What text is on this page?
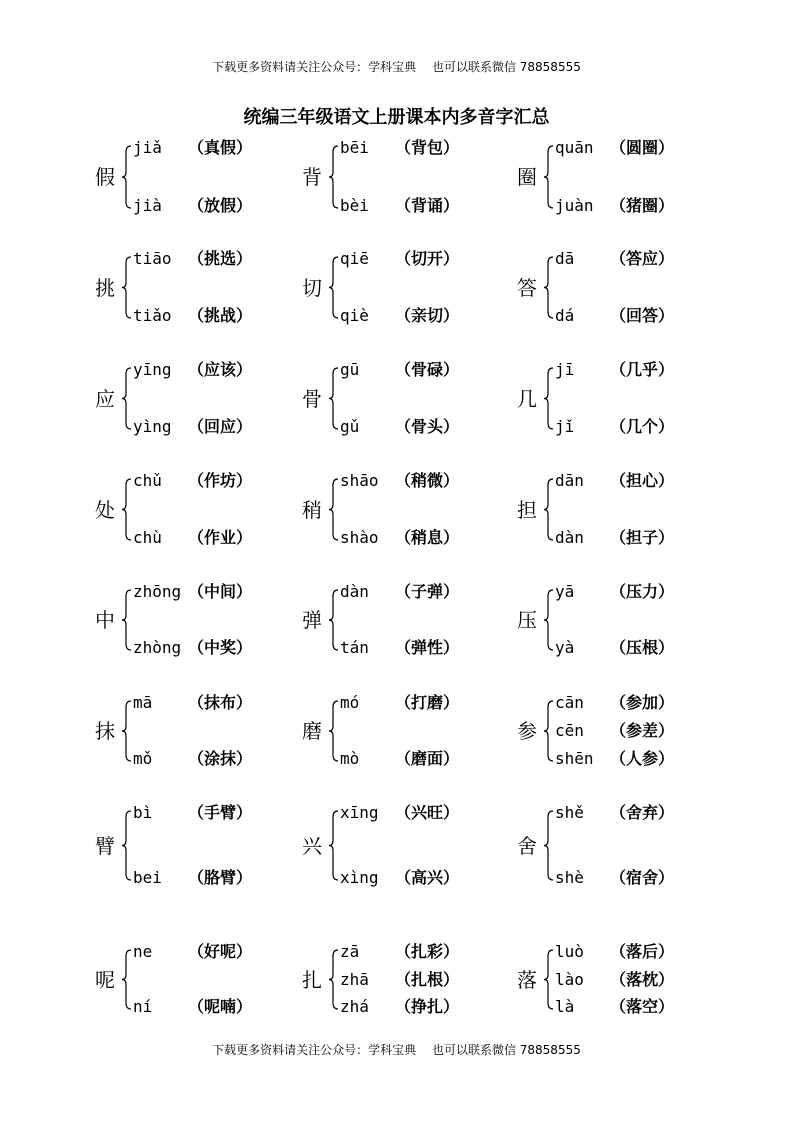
下载更多资料请关注公众号：学科宝典　 也可以联系微信 78858555
统编三年级语文上册课本内多音字汇总
假
jiǎ （真假）
jià （放假）
背
bēi （背包）
bèi （背诵）
圈
quān （圆圈）
juàn （猪圈）
挑
tiāo （挑选）
tiǎo （挑战）
切
qiē （切开）
qiè （亲切）
答
dā （答应）
dá （回答）
应
yīng （应该）
yìng （回应）
骨
gū （骨碌）
gǔ （骨头）
几
jī （几乎）
jǐ （几个）
处
chǔ （作坊）
chù （作业）
稍
shāo （稍微）
shào （稍息）
担
dān （担心）
dàn （担子）
中
zhōng （中间）
zhòng （中奖）
弹
dàn （子弹）
tán （弹性）
压
yā （压力）
yà （压根）
抹
mā （抹布）
mǒ （涂抹）
磨
mó （打磨）
mò （磨面）
参
cān （参加）
cēn （参差）
shēn （人参）
臂
bì （手臂）
bei （胳臂）
兴
xīng （兴旺）
xìng （高兴）
舍
shě （舍弃）
shè （宿舍）
呢
ne （好呢）
ní （呢喃）
扎
zā （扎彩）
zhā （扎根）
zhá （挣扎）
落
luò （落后）
lào （落枕）
là （落空）
下载更多资料请关注公众号：学科宝典　 也可以联系微信 78858555
